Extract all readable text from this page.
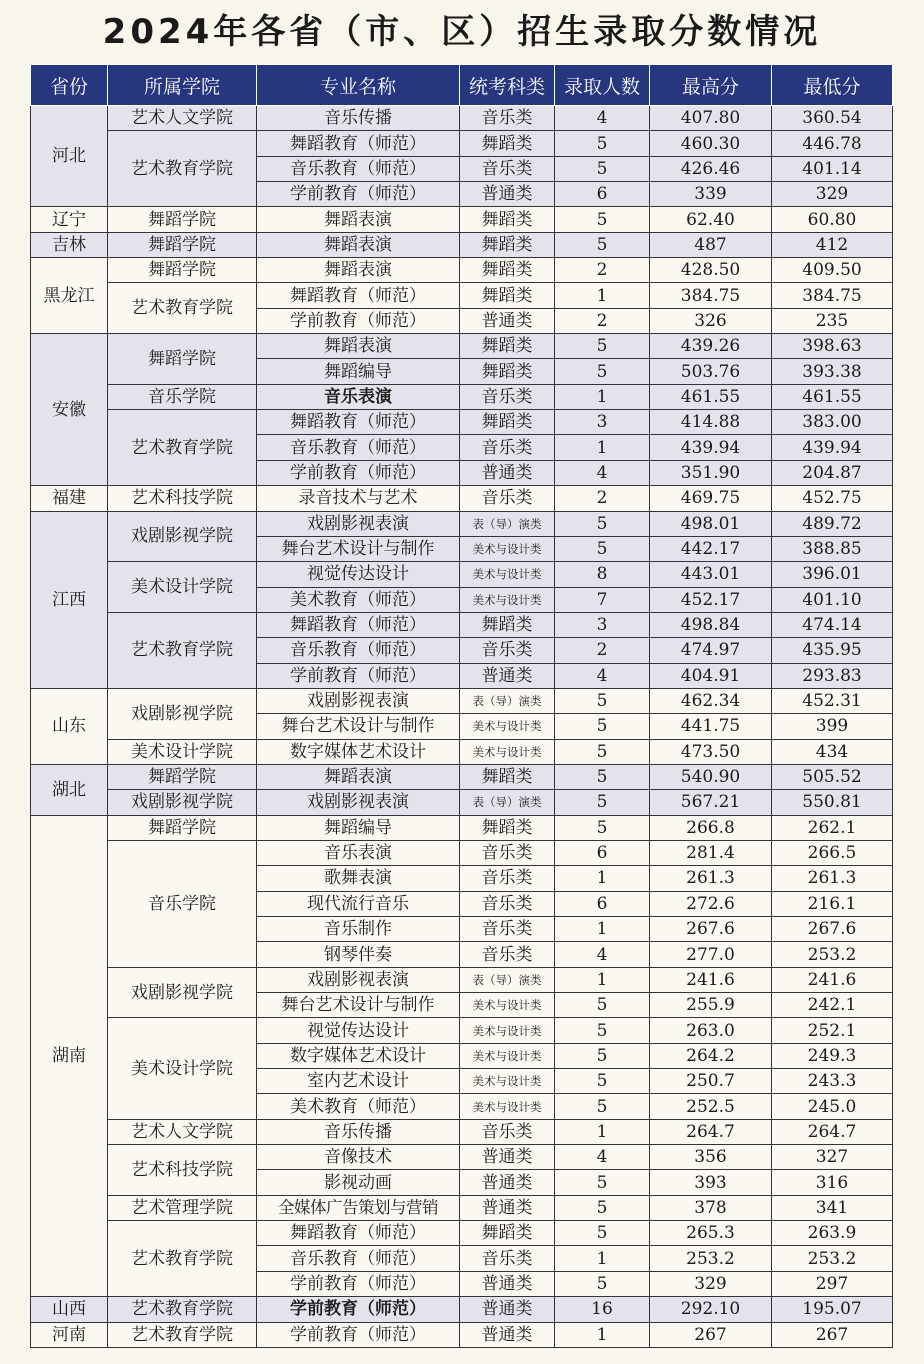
2024年各省（市、区）招生录取分数情况
省份	所属学院	专业名称	统考科类	录取人数	最高分	最低分
河北	艺术人文学院	音乐传播	音乐类	4	407.80	360.54
	艺术教育学院	舞蹈教育（师范）	舞蹈类	5	460.30	446.78
		音乐教育（师范）	音乐类	5	426.46	401.14
		学前教育（师范）	普通类	6	339	329
辽宁	舞蹈学院	舞蹈表演	舞蹈类	5	62.40	60.80
吉林	舞蹈学院	舞蹈表演	舞蹈类	5	487	412
黑龙江	舞蹈学院	舞蹈表演	舞蹈类	2	428.50	409.50
	艺术教育学院	舞蹈教育（师范）	舞蹈类	1	384.75	384.75
		学前教育（师范）	普通类	2	326	235
安徽	舞蹈学院	舞蹈表演	舞蹈类	5	439.26	398.63
		舞蹈编导	舞蹈类	5	503.76	393.38
	音乐学院	音乐表演	音乐类	1	461.55	461.55
	艺术教育学院	舞蹈教育（师范）	舞蹈类	3	414.88	383.00
		音乐教育（师范）	音乐类	1	439.94	439.94
		学前教育（师范）	普通类	4	351.90	204.87
福建	艺术科技学院	录音技术与艺术	音乐类	2	469.75	452.75
江西	戏剧影视学院	戏剧影视表演	表（导）演类	5	498.01	489.72
		舞台艺术设计与制作	美术与设计类	5	442.17	388.85
	美术设计学院	视觉传达设计	美术与设计类	8	443.01	396.01
		美术教育（师范）	美术与设计类	7	452.17	401.10
	艺术教育学院	舞蹈教育（师范）	舞蹈类	3	498.84	474.14
		音乐教育（师范）	音乐类	2	474.97	435.95
		学前教育（师范）	普通类	4	404.91	293.83
山东	戏剧影视学院	戏剧影视表演	表（导）演类	5	462.34	452.31
		舞台艺术设计与制作	美术与设计类	5	441.75	399
	美术设计学院	数字媒体艺术设计	美术与设计类	5	473.50	434
湖北	舞蹈学院	舞蹈表演	舞蹈类	5	540.90	505.52
	戏剧影视学院	戏剧影视表演	表（导）演类	5	567.21	550.81
湖南	舞蹈学院	舞蹈编导	舞蹈类	5	266.8	262.1
	音乐学院	音乐表演	音乐类	6	281.4	266.5
		歌舞表演	音乐类	1	261.3	261.3
		现代流行音乐	音乐类	6	272.6	216.1
		音乐制作	音乐类	1	267.6	267.6
		钢琴伴奏	音乐类	4	277.0	253.2
	戏剧影视学院	戏剧影视表演	表（导）演类	1	241.6	241.6
		舞台艺术设计与制作	美术与设计类	5	255.9	242.1
	美术设计学院	视觉传达设计	美术与设计类	5	263.0	252.1
		数字媒体艺术设计	美术与设计类	5	264.2	249.3
		室内艺术设计	美术与设计类	5	250.7	243.3
		美术教育（师范）	美术与设计类	5	252.5	245.0
	艺术人文学院	音乐传播	音乐类	1	264.7	264.7
	艺术科技学院	音像技术	普通类	4	356	327
		影视动画	普通类	5	393	316
	艺术管理学院	全媒体广告策划与营销	普通类	5	378	341
	艺术教育学院	舞蹈教育（师范）	舞蹈类	5	265.3	263.9
		音乐教育（师范）	音乐类	1	253.2	253.2
		学前教育（师范）	普通类	5	329	297
山西	艺术教育学院	学前教育（师范）	普通类	16	292.10	195.07
河南	艺术教育学院	学前教育（师范）	普通类	1	267	267
